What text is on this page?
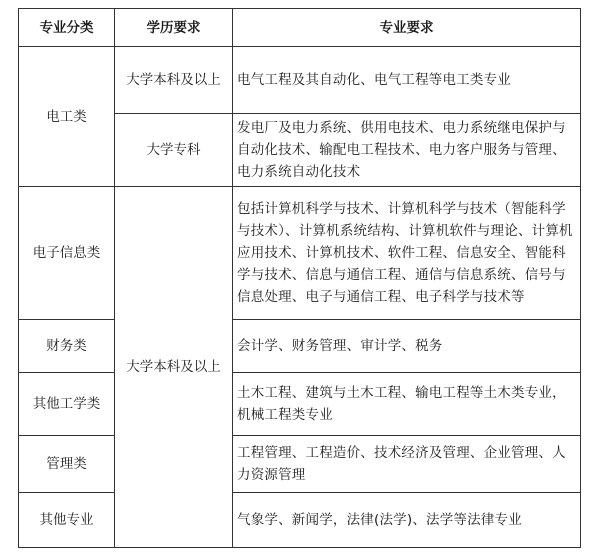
专业分类	学历要求	专业要求
电工类	大学本科及以上	电气工程及其自动化、电气工程等电工类专业
	大学专科	发电厂及电力系统、供用电技术、电力系统继电保护与自动化技术、输配电工程技术、电力客户服务与管理、电力系统自动化技术
电子信息类	大学本科及以上	包括计算机科学与技术、计算机科学与技术（智能科学与技术）、计算机系统结构、计算机软件与理论、计算机应用技术、计算机技术、软件工程、信息安全、智能科学与技术、信息与通信工程、通信与信息系统、信号与信息处理、电子与通信工程、电子科学与技术等
财务类		会计学、财务管理、审计学、税务
其他工学类		土木工程、建筑与土木工程、输电工程等土木类专业，机械工程类专业
管理类		工程管理、工程造价、技术经济及管理、企业管理、人力资源管理
其他专业		气象学、新闻学，法律(法学)、法学等法律专业
